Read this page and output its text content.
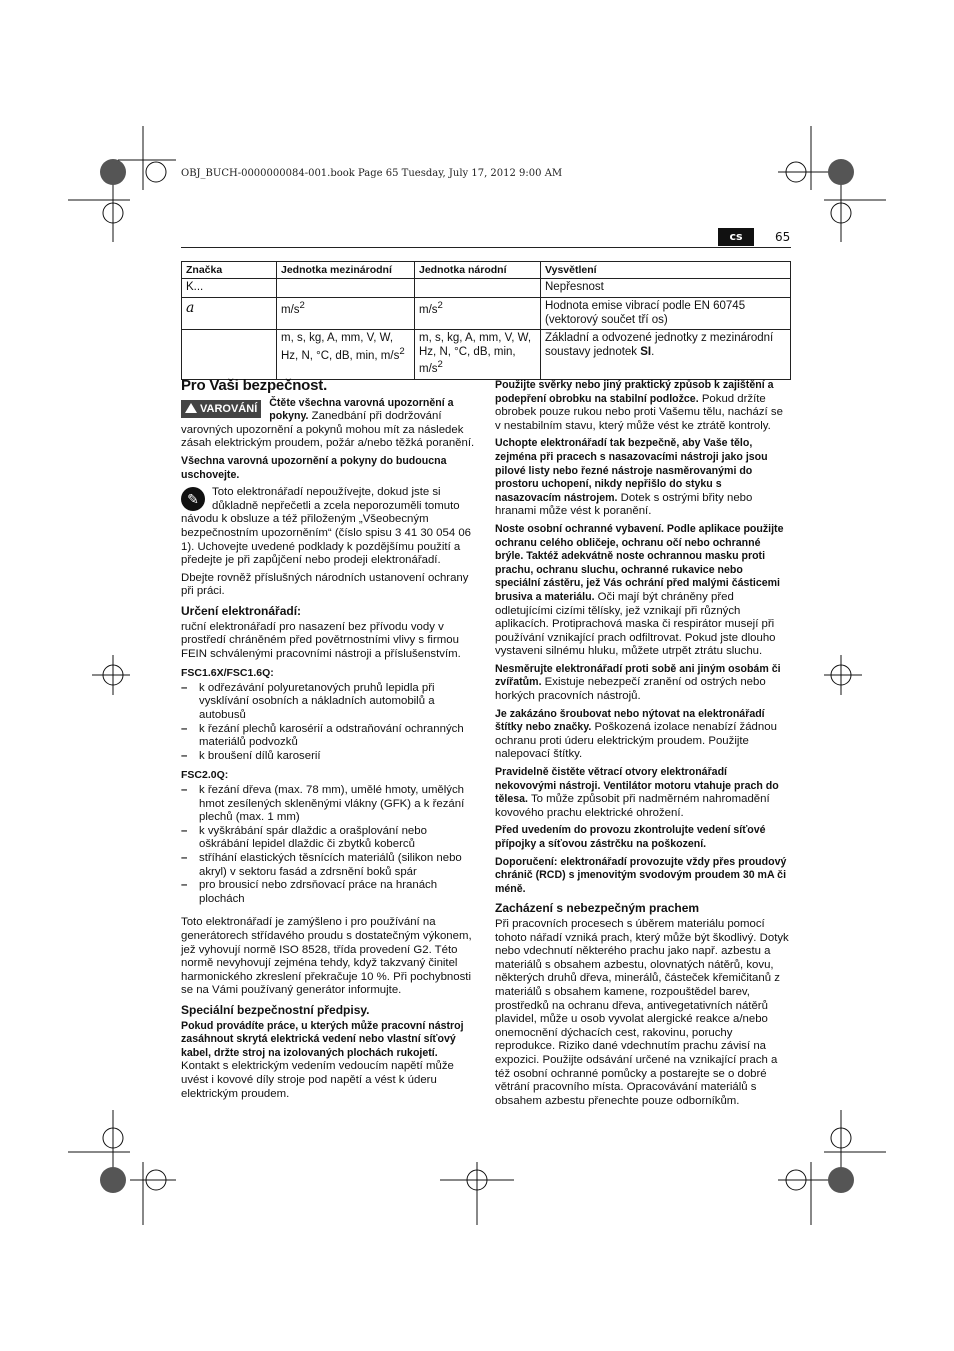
OBJ_BUCH-0000000084-001.book Page 65 Tuesday, July 17, 2012 9:00 AM
cs	65
Značka	Jednotka mezinárodní	Jednotka národní	Vysvětlení
K...			Nepřesnost
a	$m/s^2$	$m/s^2$	Hodnota emise vibrací podle EN 60745 (vektorový součet tří os)
	m, s, kg, A, mm, V, W, Hz, N, °C, dB, min, $m/s^2$	m, s, kg, A, mm, V, W, Hz, N, °C, dB, min, $m/s^2$	Základní a odvozené jednotky z mezinárodní soustavy jednotek SI.
Pro Vaši bezpečnost.

VAROVÁNÍ	Čtěte všechna varovná upozornění a pokyny. Zanedbání při dodržování varovných upozornění a pokynů mohou mít za následek zásah elektrickým proudem, požár a/nebo těžká poranění.

Všechna varovná upozornění a pokyny do budoucna uschovejte.

✎	Toto elektronářadí nepoužívejte, dokud jste si důkladně nepřečetli a zcela neporozuměli tomuto návodu k obsluze a též přiloženým „Všeobecným bezpečnostním upozorněním“ (číslo spisu 3 41 30 054 06 1). Uchovejte uvedené podklady k pozdějšímu použití a předejte je při zapůjčení nebo prodeji elektronářadí.

Dbejte rovněž příslušných národních ustanovení ochrany při práci.

Určení elektronářadí:

ruční elektronářadí pro nasazení bez přívodu vody v prostředí chráněném před povětrnostními vlivy s firmou FEIN schválenými pracovními nástroji a příslušenstvím.

FSC1.6X/FSC1.6Q:
– k odřezávání polyuretanových pruhů lepidla při vysklívání osobních a nákladních automobilů a autobusů
– k řezání plechů karosérií a odstraňování ochranných materiálů podvozků
– k broušení dílů karoserií
FSC2.0Q:
– k řezání dřeva (max. 78 mm), umělé hmoty, umělých hmot zesílených skleněnými vlákny (GFK) a k řezání plechů (max. 1 mm)
– k vyškrábání spár dlaždic a orašplování nebo oškrábání lepidel dlaždic či zbytků koberců
– stříhání elastických těsnících materiálů (silikon nebo akryl) v sektoru fasád a zdrsnění boků spár
– pro brousicí nebo zdrsňovací práce na hranách plochách

Toto elektronářadí je zamýšleno i pro používání na generátorech střídavého proudu s dostatečným výkonem, jež vyhovují normě ISO 8528, třída provedení G2. Této normě nevyhovují zejména tehdy, když takzvaný činitel harmonického zkreslení překračuje 10 %. Při pochybnosti se na Vámi používaný generátor informujte.

Speciální bezpečnostní předpisy.

Pokud provádíte práce, u kterých může pracovní nástroj zasáhnout skrytá elektrická vedení nebo vlastní síťový kabel, držte stroj na izolovaných plochách rukojetí. Kontakt s elektrickým vedením vedoucím napětí může uvést i kovové díly stroje pod napětí a vést k úderu elektrickým proudem.

Použijte svěrky nebo jiný praktický způsob k zajištění a podepření obrobku na stabilní podložce. Pokud držíte obrobek pouze rukou nebo proti Vašemu tělu, nachází se v nestabilním stavu, který může vést ke ztrátě kontroly.

Uchopte elektronářadí tak bezpečně, aby Vaše tělo, zejména při pracech s nasazovacími nástroji jako jsou pilové listy nebo řezné nástroje nasměrovanými do prostoru uchopení, nikdy nepřišlo do styku s nasazovacím nástrojem. Dotek s ostrými břity nebo hranami může vést k poranění.

Noste osobní ochranné vybavení. Podle aplikace použijte ochranu celého obličeje, ochranu očí nebo ochranné brýle. Taktéž adekvátně noste ochrannou masku proti prachu, ochranu sluchu, ochranné rukavice nebo speciální zástěru, jež Vás ochrání před malými částicemi brusiva a materiálu. Oči mají být chráněny před odletujícími cizími tělísky, jež vznikají při různých aplikacích. Protiprachová maska či respirátor musejí při používání vznikající prach odfiltrovat. Pokud jste dlouho vystaveni silnému hluku, můžete utrpět ztrátu sluchu.

Nesměrujte elektronářadí proti sobě ani jiným osobám či zvířatům. Existuje nebezpečí zranění od ostrých nebo horkých pracovních nástrojů.

Je zakázáno šroubovat nebo nýtovat na elektronářadí štítky nebo značky. Poškozená izolace nenabízí žádnou ochranu proti úderu elektrickým proudem. Použijte nalepovací štítky.

Pravidelně čistěte větrací otvory elektronářadí nekovovými nástroji. Ventilátor motoru vtahuje prach do tělesa. To může způsobit při nadměrném nahromadění kovového prachu elektrické ohrožení.

Před uvedením do provozu zkontrolujte vedení síťové přípojky a síťovou zástrčku na poškození.

Doporučení: elektronářadí provozujte vždy přes proudový chránič (RCD) s jmenovitým svodovým proudem 30 mA či méně.

Zacházení s nebezpečným prachem

Při pracovních procesech s úběrem materiálu pomocí tohoto nářadí vzniká prach, který může být škodlivý. Dotyk nebo vdechnutí některého prachu jako např. azbestu a materiálů s obsahem azbestu, olovnatých nátěrů, kovu, některých druhů dřeva, minerálů, částeček křemičitanů z materiálů s obsahem kamene, rozpouštědel barev, prostředků na ochranu dřeva, antivegetativních nátěrů plavidel, může u osob vyvolat alergické reakce a/nebo onemocnění dýchacích cest, rakovinu, poruchy reprodukce. Riziko dané vdechnutím prachu závisí na expozici. Použijte odsávání určené na vznikající prach a též osobní ochranné pomůcky a postarejte se o dobré větrání pracovního místa. Opracovávání materiálů s obsahem azbestu přenechte pouze odborníkům.
